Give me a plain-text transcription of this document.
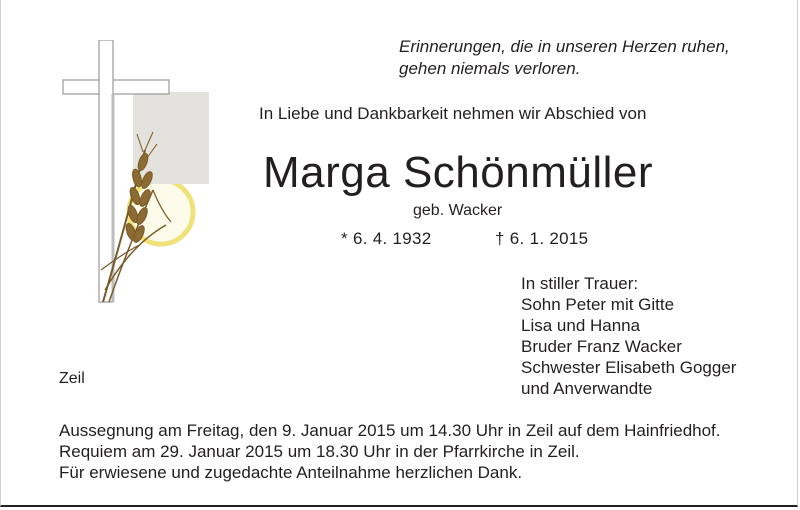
Erinnerungen, die in unseren Herzen ruhen,
gehen niemals verloren.
In Liebe und Dankbarkeit nehmen wir Abschied von
Marga Schönmüller
geb. Wacker
* 6. 4. 1932	† 6. 1. 2015
In stiller Trauer:
Sohn Peter mit Gitte
Lisa und Hanna
Bruder Franz Wacker
Schwester Elisabeth Gogger
und Anverwandte
Zeil
Aussegnung am Freitag, den 9. Januar 2015 um 14.30 Uhr in Zeil auf dem Hainfriedhof.
Requiem am 29. Januar 2015 um 18.30 Uhr in der Pfarrkirche in Zeil.
Für erwiesene und zugedachte Anteilnahme herzlichen Dank.
